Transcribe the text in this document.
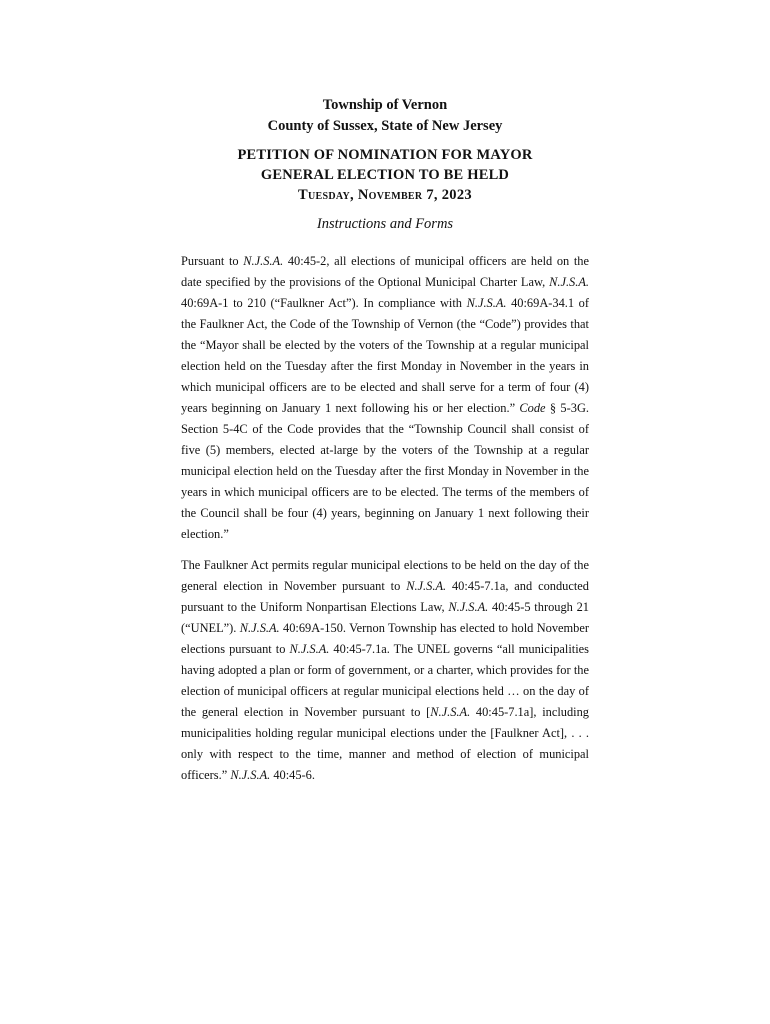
Township of Vernon
County of Sussex, State of New Jersey
PETITION OF NOMINATION FOR MAYOR
GENERAL ELECTION TO BE HELD
Tuesday, November 7, 2023
Instructions and Forms

Pursuant to N.J.S.A. 40:45-2, all elections of municipal officers are held on the date specified by the provisions of the Optional Municipal Charter Law, N.J.S.A. 40:69A-1 to 210 (“Faulkner Act”). In compliance with N.J.S.A. 40:69A-34.1 of the Faulkner Act, the Code of the Township of Vernon (the “Code”) provides that the “Mayor shall be elected by the voters of the Township at a regular municipal election held on the Tuesday after the first Monday in November in the years in which municipal officers are to be elected and shall serve for a term of four (4) years beginning on January 1 next following his or her election.” Code § 5-3G. Section 5-4C of the Code provides that the “Township Council shall consist of five (5) members, elected at-large by the voters of the Township at a regular municipal election held on the Tuesday after the first Monday in November in the years in which municipal officers are to be elected. The terms of the members of the Council shall be four (4) years, beginning on January 1 next following their election.”

The Faulkner Act permits regular municipal elections to be held on the day of the general election in November pursuant to N.J.S.A. 40:45-7.1a, and conducted pursuant to the Uniform Nonpartisan Elections Law, N.J.S.A. 40:45-5 through 21 (“UNEL”). N.J.S.A. 40:69A-150. Vernon Township has elected to hold November elections pursuant to N.J.S.A. 40:45-7.1a. The UNEL governs “all municipalities having adopted a plan or form of government, or a charter, which provides for the election of municipal officers at regular municipal elections held … on the day of the general election in November pursuant to [N.J.S.A. 40:45-7.1a], including municipalities holding regular municipal elections under the [Faulkner Act], . . . only with respect to the time, manner and method of election of municipal officers.” N.J.S.A. 40:45-6.
